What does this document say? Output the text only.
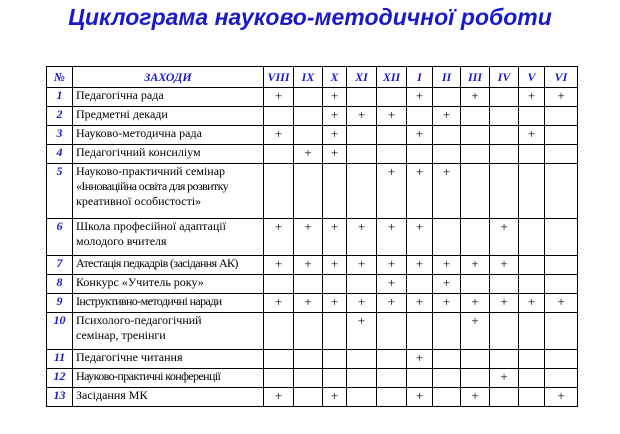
Циклограма науково-методичної роботи
№	ЗАХОДИ	VIII	IX	X	XI	XII	I	II	III	IV	V	VI
1	Педагогічна рада	+		+			+		+		+	+
2	Предметні декади			+	+	+		+				
3	Науково-методична рада	+		+			+				+	
4	Педагогічний консиліум		+	+								
5	Науково-практичний семінар
«Інноваційна освіта для розвитку
креативної особистості»					+	+	+				
6	Школа професійної адаптації
молодого вчителя	+	+	+	+	+	+			+		
7	Атестація педкадрів (засідання АК)	+	+	+	+	+	+	+	+	+		
8	Конкурс «Учитель року»					+		+				
9	Інструктивно-методичні наради	+	+	+	+	+	+	+	+	+	+	+
10	Психолого-педагогічний
семінар, тренінги				+				+			
11	Педагогічне читання						+					
12	Науково-практичні конференції									+		
13	Засідання МК	+		+			+		+			+
